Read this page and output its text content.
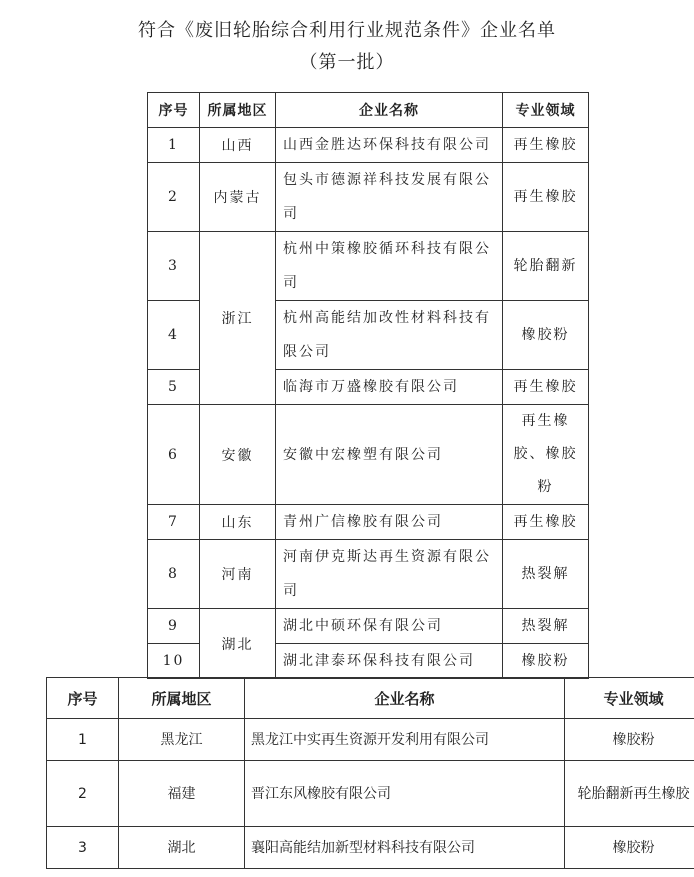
符合《废旧轮胎综合利用行业规范条件》企业名单
（第一批）
序号	所属地区	企业名称	专业领域
1	山西	山西金胜达环保科技有限公司	再生橡胶
2	内蒙古	包头市德源祥科技发展有限公司	再生橡胶
3	浙江	杭州中策橡胶循环科技有限公司	轮胎翻新
4		杭州高能结加改性材料科技有限公司	橡胶粉
5		临海市万盛橡胶有限公司	再生橡胶
6	安徽	安徽中宏橡塑有限公司	再生橡胶、橡胶粉
7	山东	青州广信橡胶有限公司	再生橡胶
8	河南	河南伊克斯达再生资源有限公司	热裂解
9	湖北	湖北中硕环保有限公司	热裂解
10		湖北津泰环保科技有限公司	橡胶粉
序号	所属地区	企业名称	专业领域
1	黑龙江	黑龙江中实再生资源开发利用有限公司	橡胶粉
2	福建	晋江东风橡胶有限公司	轮胎翻新再生橡胶
3	湖北	襄阳高能结加新型材料科技有限公司	橡胶粉
